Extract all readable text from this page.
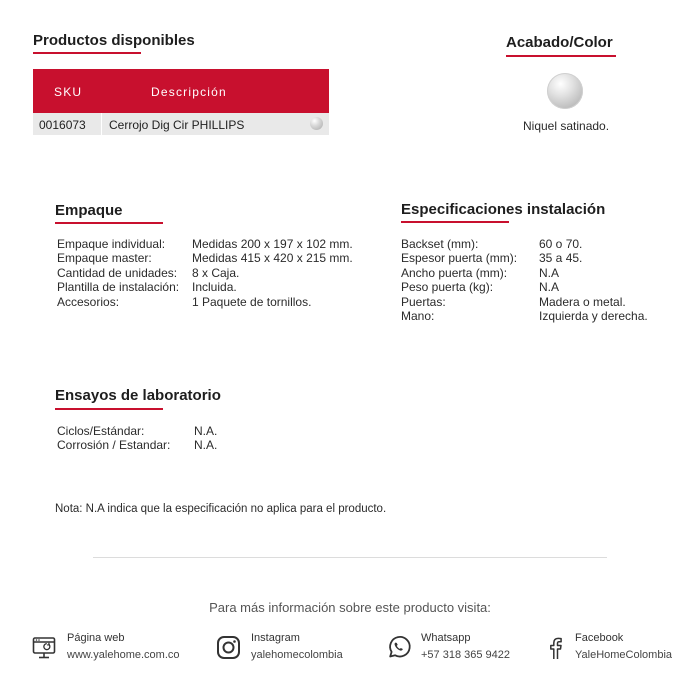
Productos disponibles
SKU	Descripción
0016073 Cerrojo Dig Cir PHILLIPS
Acabado/Color
Niquel satinado.
Empaque
Empaque individual: Medidas 200 x 197 x 102 mm.
Empaque master:	Medidas 415 x 420 x 215 mm.
Cantidad de unidades: 8 x Caja.
Plantilla de instalación: Incluida.
Accesorios:	1 Paquete de tornillos.
Especificaciones instalación
Backset (mm):	60 o 70.
Espesor puerta (mm): 35 a 45.
Ancho puerta (mm):	N.A
Peso puerta (kg):	N.A
Puertas:	Madera o metal.
Mano:	Izquierda y derecha.
Ensayos de laboratorio
Ciclos/Estándar:	N.A.
Corrosión / Estandar: N.A.
Nota: N.A indica que la especificación no aplica para el producto.
Para más información sobre este producto visita:
Página web
www.yalehome.com.co
Instagram
yalehomecolombia
Whatsapp
+57 318 365 9422
Facebook
YaleHomeColombia
